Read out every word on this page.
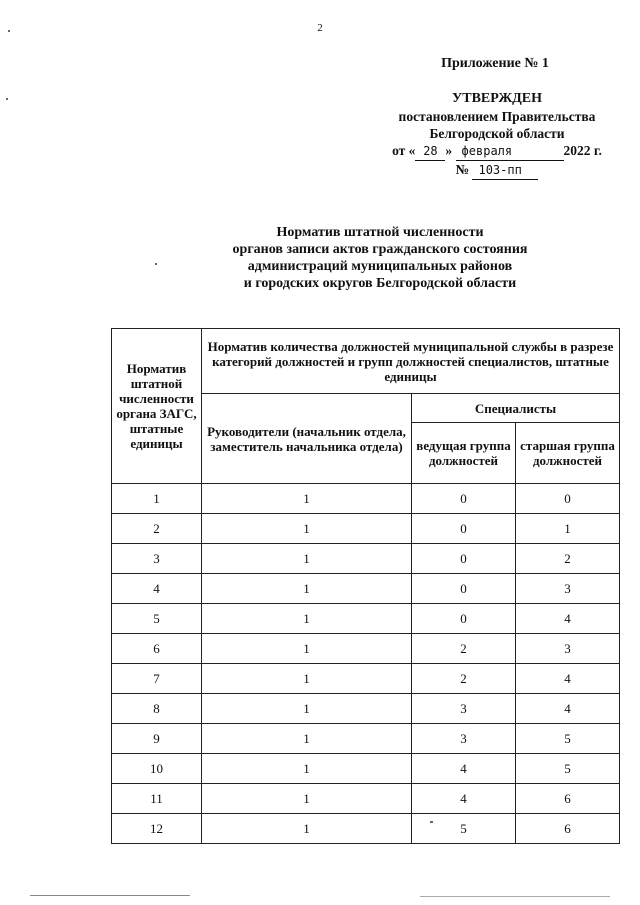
2
Приложение № 1
УТВЕРЖДЕН
постановлением Правительства
Белгородской области
от « 28 » февраля	2022 г.
№ 103-пп
Норматив штатной численности
органов записи актов гражданского состояния
администраций муниципальных районов
и городских округов Белгородской области
Норматив штатной численности органа ЗАГС, штатные единицы	Норматив количества должностей муниципальной службы в разрезе категорий должностей и групп должностей специалистов, штатные единицы		
	Руководители (начальник отдела, заместитель начальника отдела)	Специалисты	
		ведущая группа должностей	старшая группа должностей
1	1	0	0
2	1	0	1
3	1	0	2
4	1	0	3
5	1	0	4
6	1	2	3
7	1	2	4
8	1	3	4
9	1	3	5
10	1	4	5
11	1	4	6
12	1	5	6
